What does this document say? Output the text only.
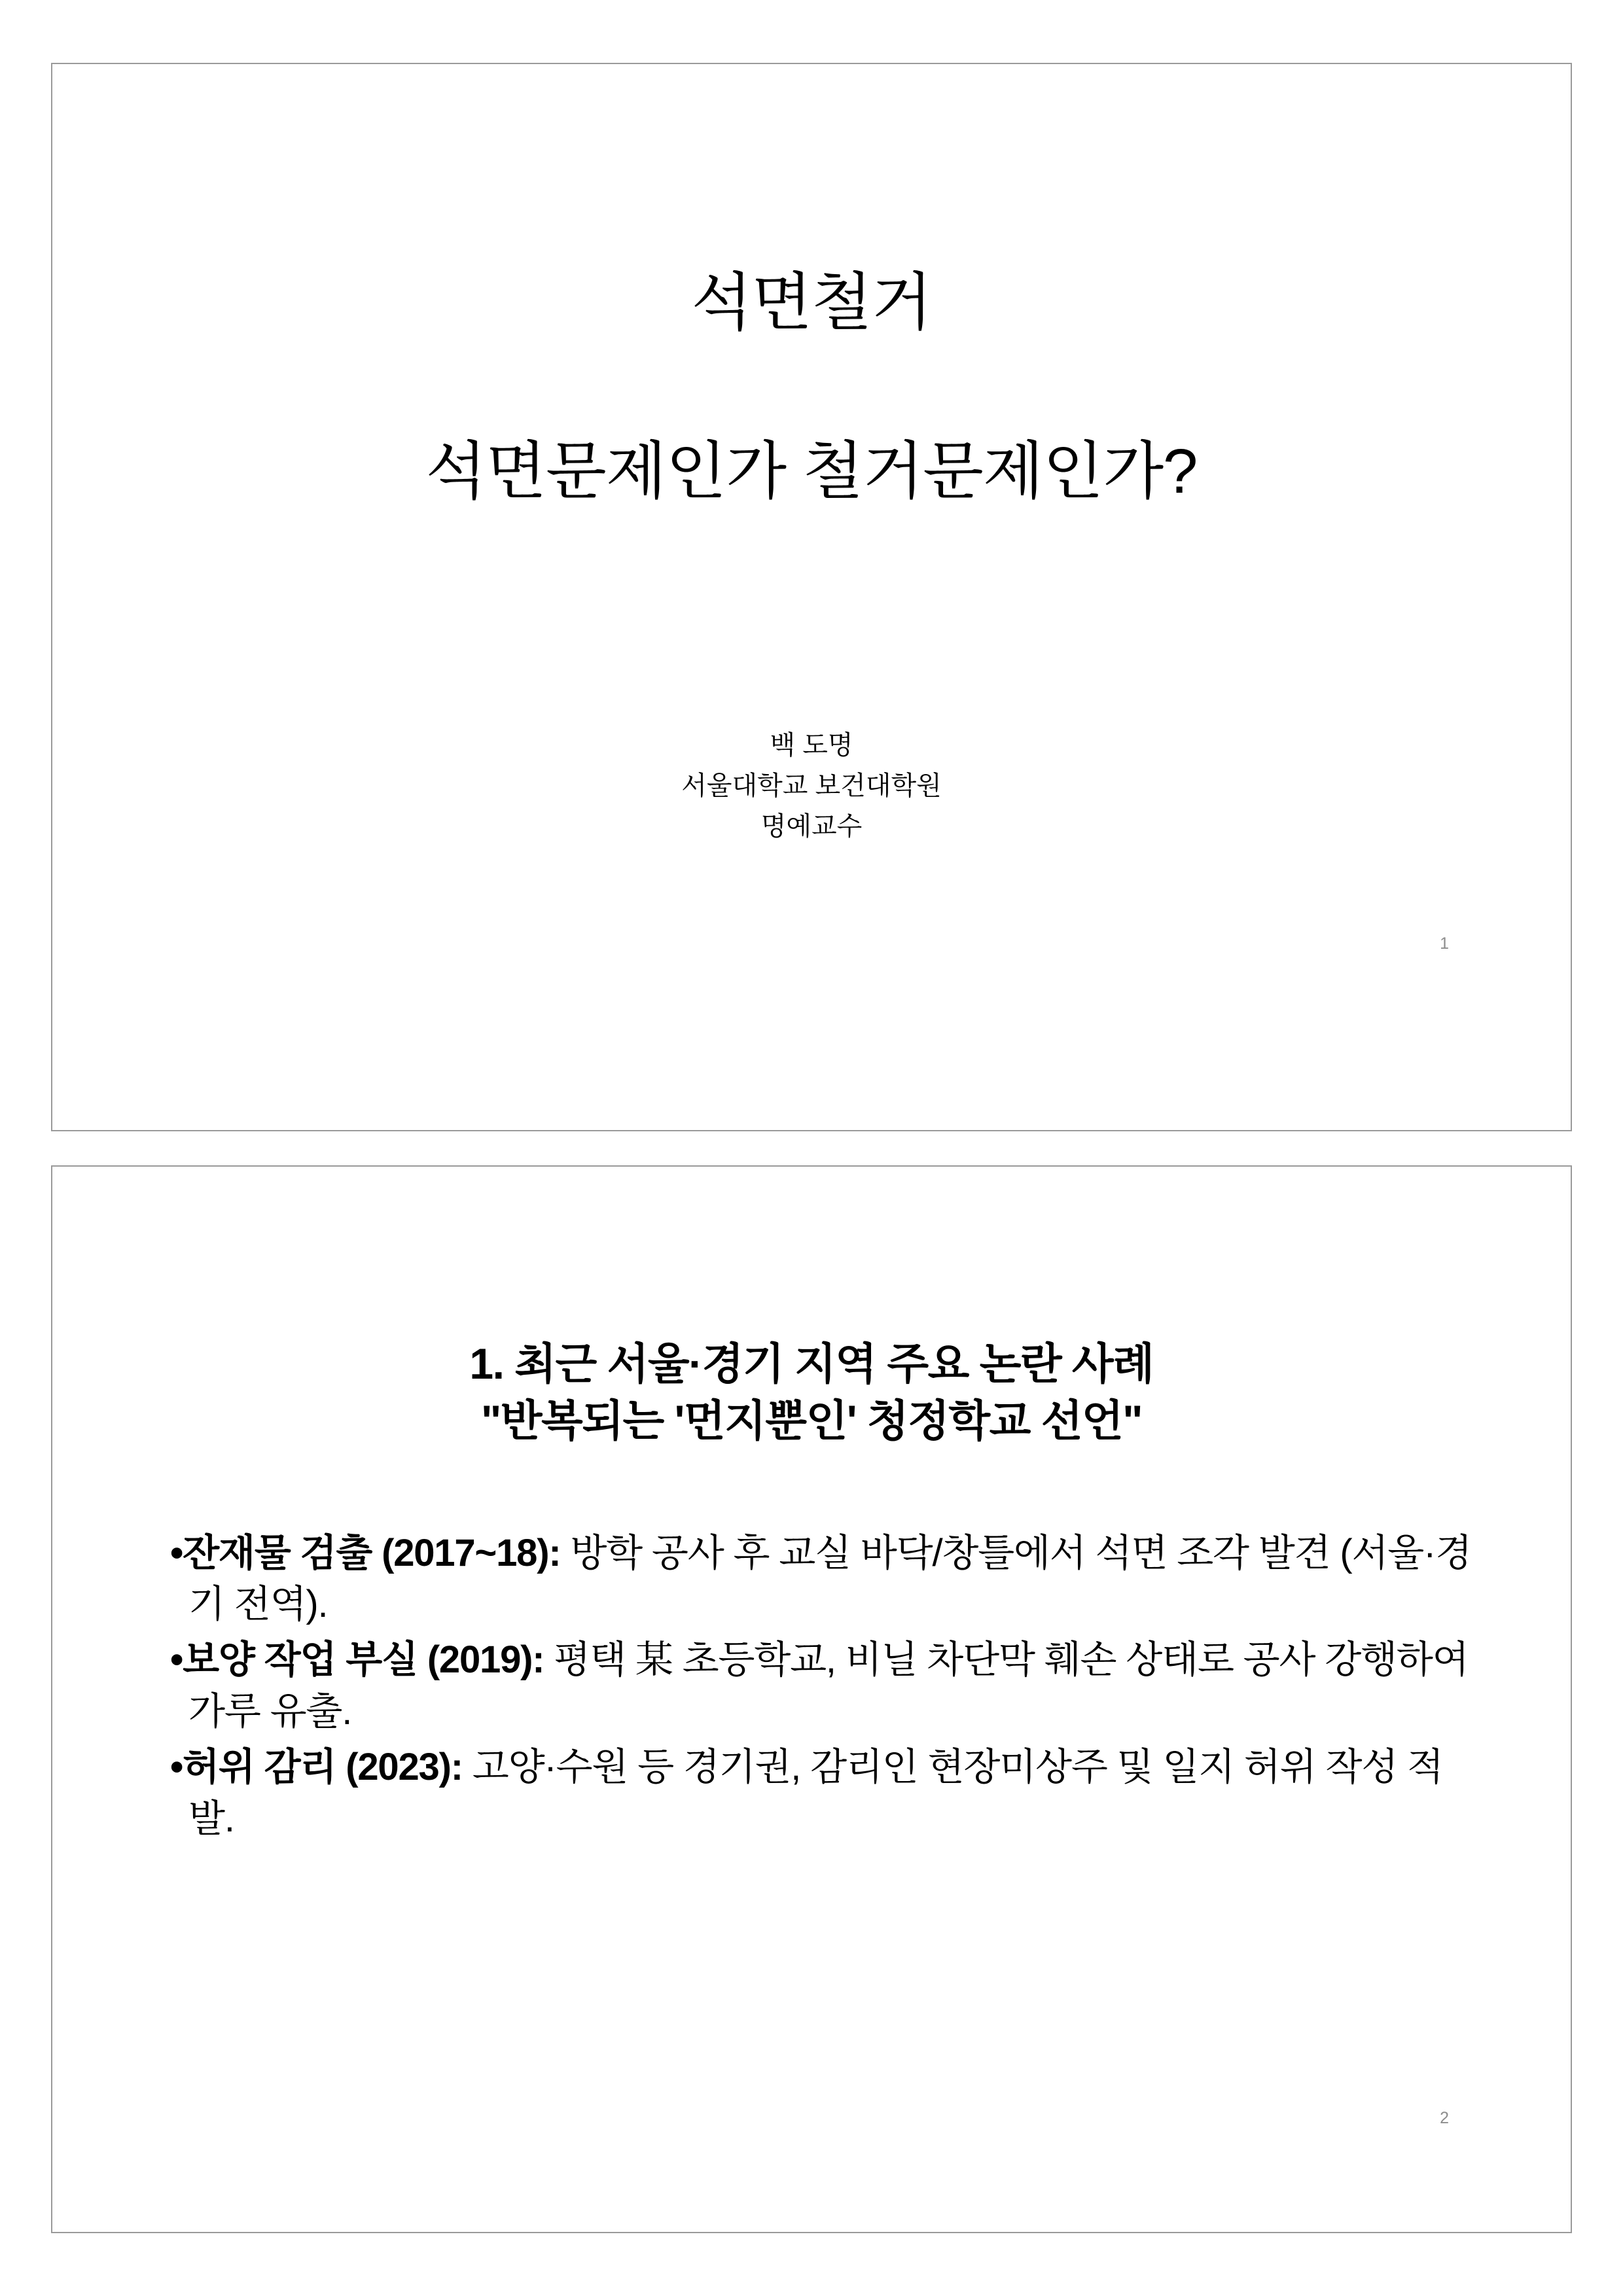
석면철거
석면문제인가 철거문제인가?
백 도명
서울대학교 보건대학원
명예교수
1
1. 최근 서울·경기 지역 주요 논란 사례
"반복되는 '먼지뿐인' 청정학교 선언"

•잔재물 검출 (2017~18): 방학 공사 후 교실 바닥/창틀에서 석면 조각 발견 (서울·경기 전역).

•보양 작업 부실 (2019): 평택 某 초등학교, 비닐 차단막 훼손 상태로 공사 강행하여 가루 유출.

•허위 감리 (2023): 고양·수원 등 경기권, 감리인 현장미상주 및 일지 허위 작성 적발.

2
